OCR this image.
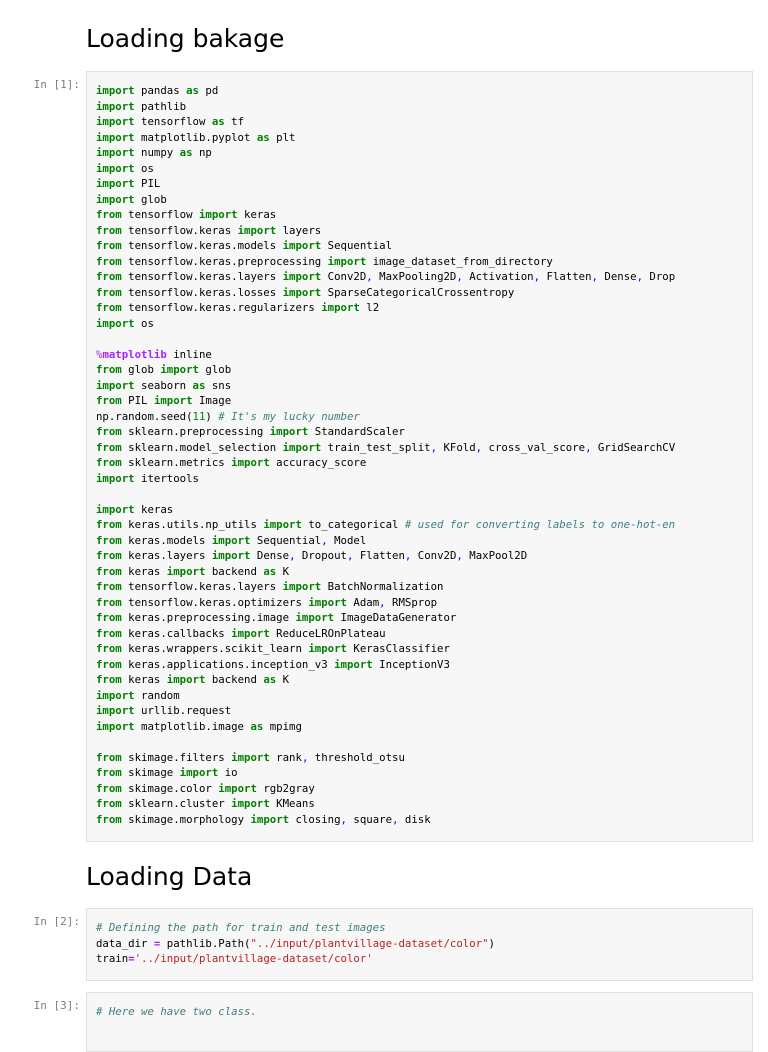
Loading bakage
In [1]: import pandas as pd
import pathlib
import tensorflow as tf
import matplotlib.pyplot as plt
import numpy as np
import os
import PIL
import glob
from tensorflow import keras
from tensorflow.keras import layers
from tensorflow.keras.models import Sequential
from tensorflow.keras.preprocessing import image_dataset_from_directory
from tensorflow.keras.layers import Conv2D, MaxPooling2D, Activation, Flatten, Dense, Drop
from tensorflow.keras.losses import SparseCategoricalCrossentropy
from tensorflow.keras.regularizers import l2
import os
%matplotlib inline
from glob import glob
import seaborn as sns
from PIL import Image
np.random.seed(11) # It's my lucky number
from sklearn.preprocessing import StandardScaler
from sklearn.model_selection import train_test_split, KFold, cross_val_score, GridSearchCV
from sklearn.metrics import accuracy_score
import itertools
import keras
from keras.utils.np_utils import to_categorical # used for converting labels to one-hot-en
from keras.models import Sequential, Model
from keras.layers import Dense, Dropout, Flatten, Conv2D, MaxPool2D
from keras import backend as K
from tensorflow.keras.layers import BatchNormalization
from tensorflow.keras.optimizers import Adam, RMSprop
from keras.preprocessing.image import ImageDataGenerator
from keras.callbacks import ReduceLROnPlateau
from keras.wrappers.scikit_learn import KerasClassifier
from keras.applications.inception_v3 import InceptionV3
from keras import backend as K
import random
import urllib.request
import matplotlib.image as mpimg
from skimage.filters import rank, threshold_otsu
from skimage import io
from skimage.color import rgb2gray
from sklearn.cluster import KMeans
from skimage.morphology import closing, square, disk
Loading Data
In [2]: # Defining the path for train and test images
data_dir = pathlib.Path("../input/plantvillage-dataset/color")
train='../input/plantvillage-dataset/color'
In [3]: # Here we have two class.
